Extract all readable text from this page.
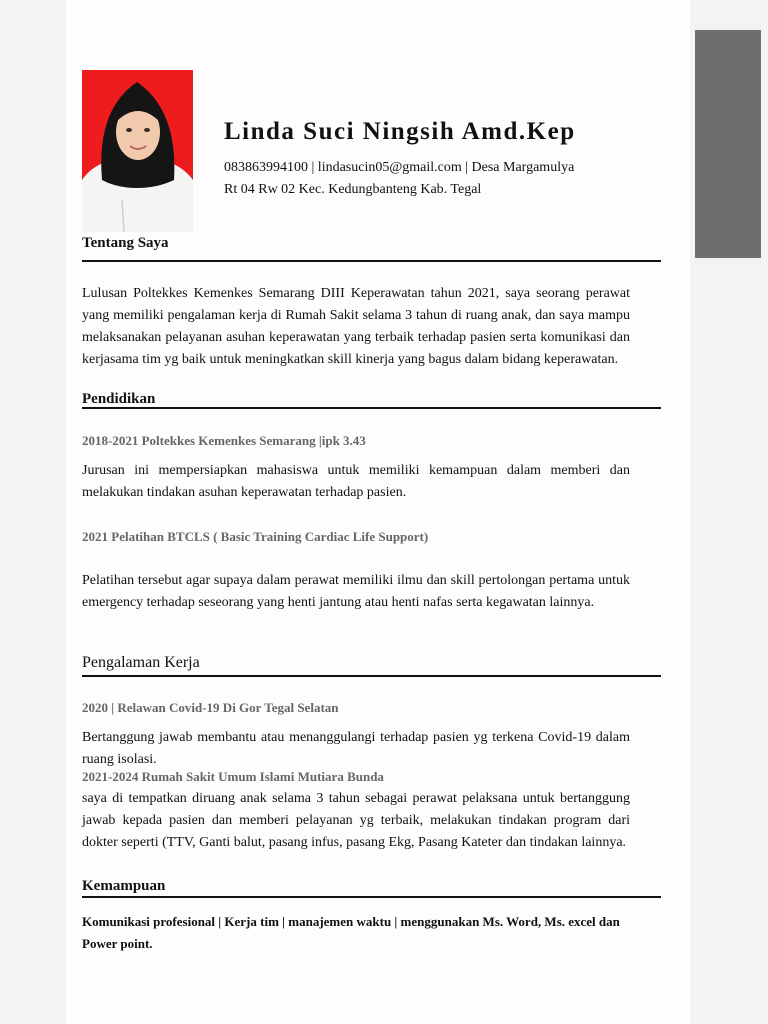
Linda Suci Ningsih Amd.Kep
083863994100 | lindasucin05@gmail.com | Desa Margamulya
Rt 04 Rw 02 Kec. Kedungbanteng Kab. Tegal
Tentang Saya
Lulusan Poltekkes Kemenkes Semarang DIII Keperawatan tahun 2021, saya seorang perawat yang memiliki pengalaman kerja di Rumah Sakit selama 3 tahun di ruang anak, dan saya mampu melaksanakan pelayanan asuhan keperawatan yang terbaik terhadap pasien serta komunikasi dan kerjasama tim yg baik untuk meningkatkan skill kinerja yang bagus dalam bidang keperawatan.
Pendidikan
2018-2021 Poltekkes Kemenkes Semarang |ipk 3.43
Jurusan ini mempersiapkan mahasiswa untuk memiliki kemampuan dalam memberi dan melakukan tindakan asuhan keperawatan terhadap pasien.
2021 Pelatihan BTCLS ( Basic Training Cardiac Life Support)
Pelatihan tersebut agar supaya dalam perawat memiliki ilmu dan skill pertolongan pertama untuk emergency terhadap seseorang yang henti jantung atau henti nafas serta kegawatan lainnya.
Pengalaman Kerja
2020 | Relawan Covid-19 Di Gor Tegal Selatan
Bertanggung jawab membantu atau menanggulangi terhadap pasien yg terkena Covid-19 dalam ruang isolasi.
2021-2024 Rumah Sakit Umum Islami Mutiara Bunda
saya di tempatkan diruang anak selama 3 tahun sebagai perawat pelaksana untuk bertanggung jawab kepada pasien dan memberi pelayanan yg terbaik, melakukan tindakan program dari dokter seperti (TTV, Ganti balut, pasang infus, pasang Ekg, Pasang Kateter dan tindakan lainnya.
Kemampuan
Komunikasi profesional | Kerja tim | manajemen waktu | menggunakan Ms. Word, Ms. excel dan Power point.
